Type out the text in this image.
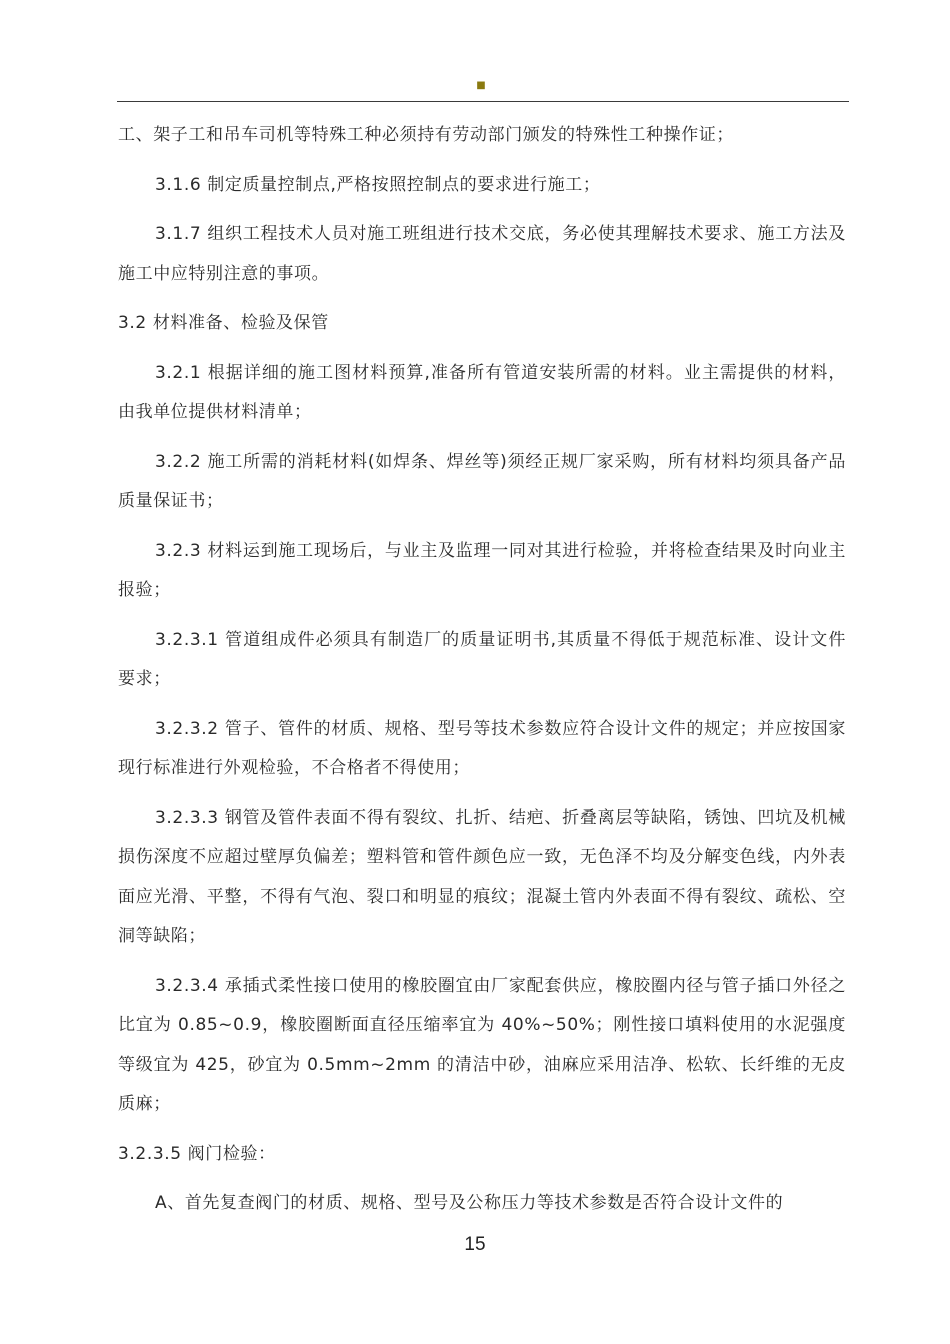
■

工、架子工和吊车司机等特殊工种必须持有劳动部门颁发的特殊性工种操作证；

3.1.6 制定质量控制点,严格按照控制点的要求进行施工；

3.1.7 组织工程技术人员对施工班组进行技术交底，务必使其理解技术要求、施工方法及施工中应特别注意的事项。

3.2 材料准备、检验及保管

3.2.1 根据详细的施工图材料预算,准备所有管道安装所需的材料。业主需提供的材料，由我单位提供材料清单；

3.2.2 施工所需的消耗材料(如焊条、焊丝等)须经正规厂家采购，所有材料均须具备产品质量保证书；

3.2.3 材料运到施工现场后，与业主及监理一同对其进行检验，并将检查结果及时向业主报验；

3.2.3.1 管道组成件必须具有制造厂的质量证明书,其质量不得低于规范标准、设计文件要求；

3.2.3.2 管子、管件的材质、规格、型号等技术参数应符合设计文件的规定；并应按国家现行标准进行外观检验，不合格者不得使用；

3.2.3.3 钢管及管件表面不得有裂纹、扎折、结疤、折叠离层等缺陷，锈蚀、凹坑及机械损伤深度不应超过壁厚负偏差；塑料管和管件颜色应一致，无色泽不均及分解变色线，内外表面应光滑、平整，不得有气泡、裂口和明显的痕纹；混凝土管内外表面不得有裂纹、疏松、空洞等缺陷；

3.2.3.4 承插式柔性接口使用的橡胶圈宜由厂家配套供应，橡胶圈内径与管子插口外径之比宜为 0.85~0.9，橡胶圈断面直径压缩率宜为 40%~50%；刚性接口填料使用的水泥强度等级宜为 425，砂宜为 0.5mm~2mm 的清洁中砂，油麻应采用洁净、松软、长纤维的无皮质麻；

3.2.3.5 阀门检验：

A、首先复查阀门的材质、规格、型号及公称压力等技术参数是否符合设计文件的

15
